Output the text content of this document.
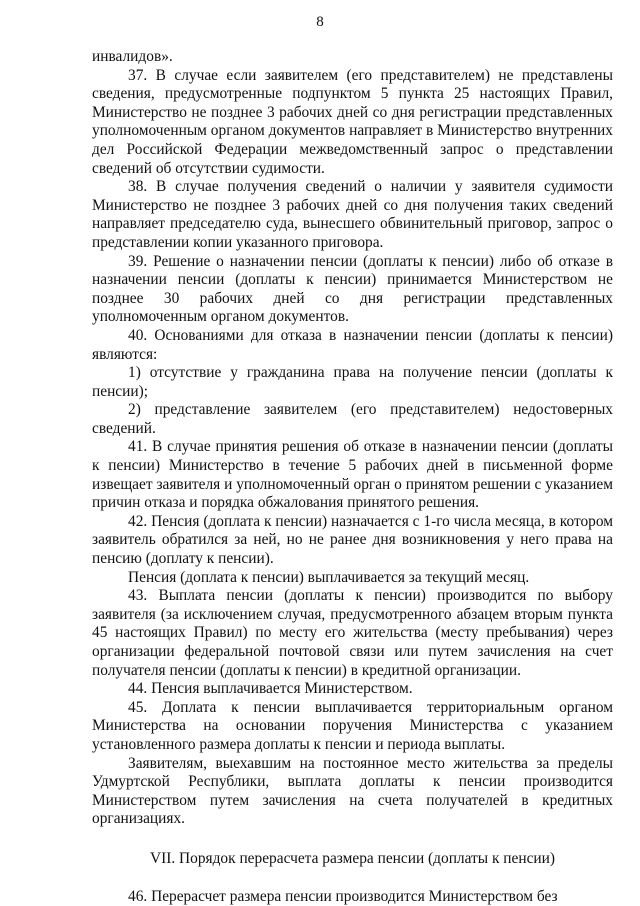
8

инвалидов».

37. В случае если заявителем (его представителем) не представлены сведения, предусмотренные подпунктом 5 пункта 25 настоящих Правил, Министерство не позднее 3 рабочих дней со дня регистрации представленных уполномоченным органом документов направляет в Министерство внутренних дел Российской Федерации межведомственный запрос о представлении сведений об отсутствии судимости.

38. В случае получения сведений о наличии у заявителя судимости Министерство не позднее 3 рабочих дней со дня получения таких сведений направляет председателю суда, вынесшего обвинительный приговор, запрос о представлении копии указанного приговора.

39. Решение о назначении пенсии (доплаты к пенсии) либо об отказе в назначении пенсии (доплаты к пенсии) принимается Министерством не позднее 30 рабочих дней со дня регистрации представленных уполномоченным органом документов.

40. Основаниями для отказа в назначении пенсии (доплаты к пенсии) являются:

1) отсутствие у гражданина права на получение пенсии (доплаты к пенсии);

2) представление заявителем (его представителем) недостоверных сведений.

41. В случае принятия решения об отказе в назначении пенсии (доплаты к пенсии) Министерство в течение 5 рабочих дней в письменной форме извещает заявителя и уполномоченный орган о принятом решении с указанием причин отказа и порядка обжалования принятого решения.

42. Пенсия (доплата к пенсии) назначается с 1-го числа месяца, в котором заявитель обратился за ней, но не ранее дня возникновения у него права на пенсию (доплату к пенсии).

Пенсия (доплата к пенсии) выплачивается за текущий месяц.

43. Выплата пенсии (доплаты к пенсии) производится по выбору заявителя (за исключением случая, предусмотренного абзацем вторым пункта 45 настоящих Правил) по месту его жительства (месту пребывания) через организации федеральной почтовой связи или путем зачисления на счет получателя пенсии (доплаты к пенсии) в кредитной организации.

44. Пенсия выплачивается Министерством.

45. Доплата к пенсии выплачивается территориальным органом Министерства на основании поручения Министерства с указанием установленного размера доплаты к пенсии и периода выплаты.

Заявителям, выехавшим на постоянное место жительства за пределы Удмуртской Республики, выплата доплаты к пенсии производится Министерством путем зачисления на счета получателей в кредитных организациях.

VII. Порядок перерасчета размера пенсии (доплаты к пенсии)

46. Перерасчет размера пенсии производится Министерством без
